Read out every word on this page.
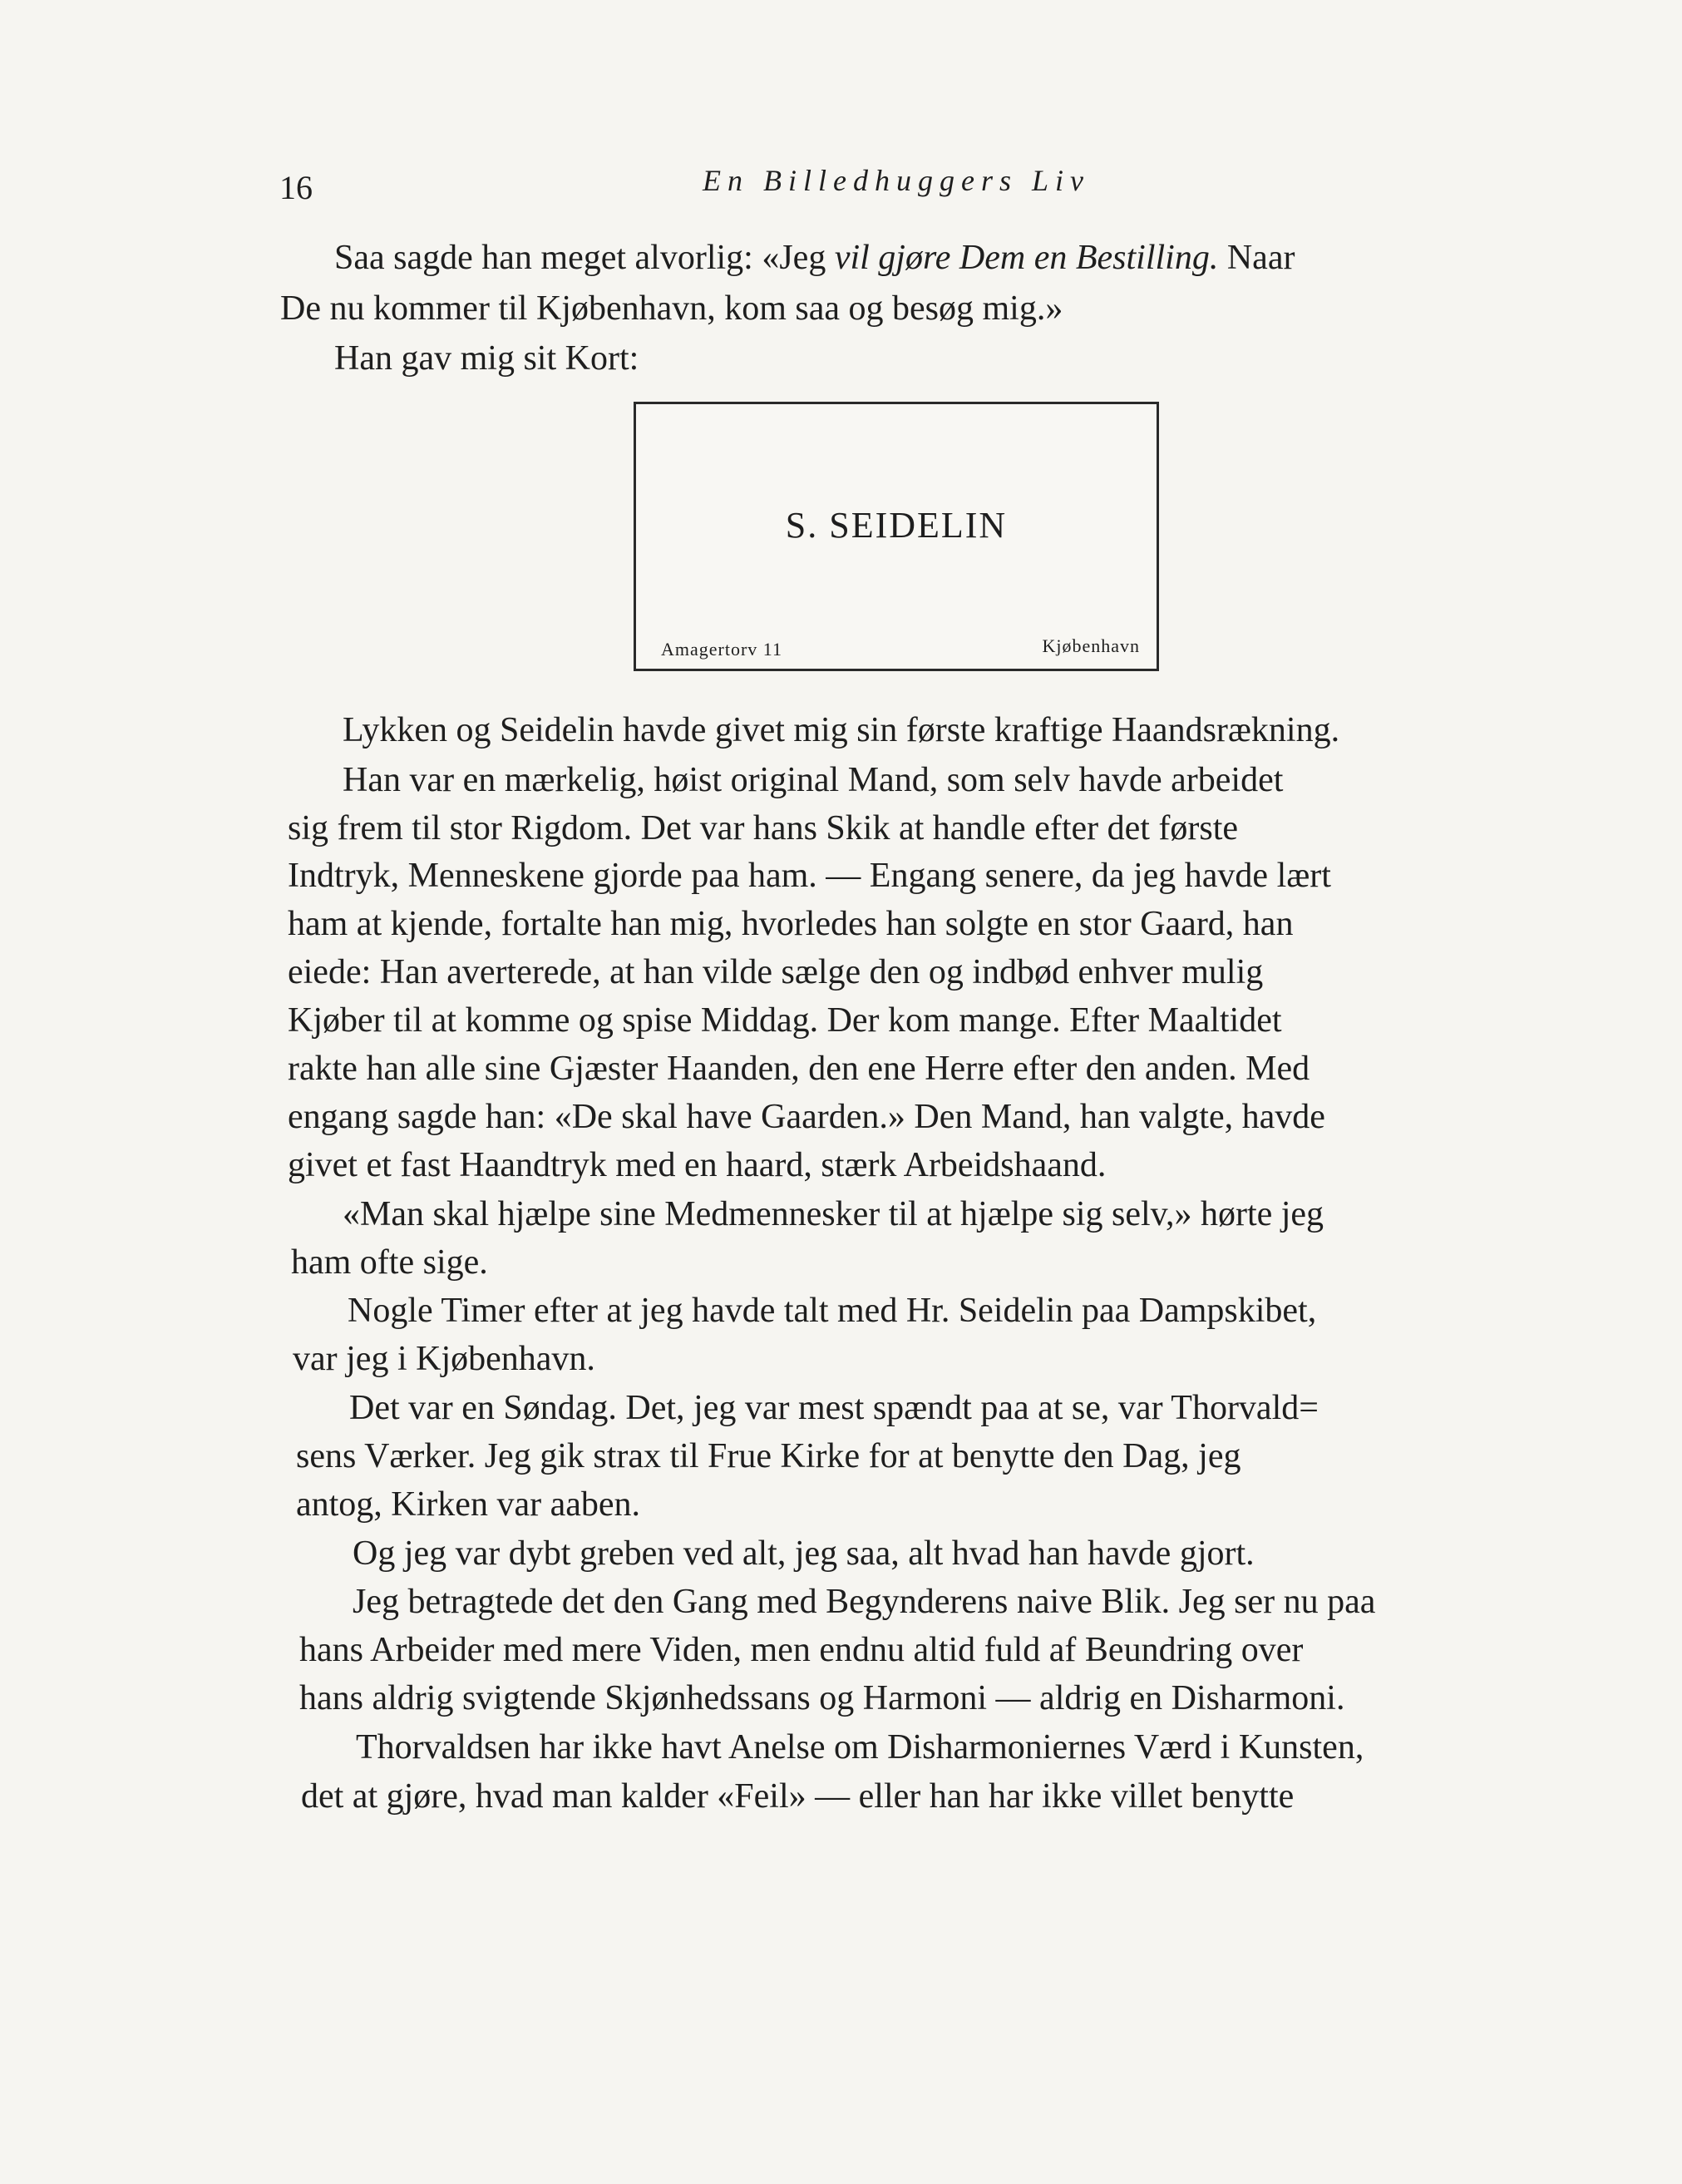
16	En Billedhuggers Liv
Saa sagde han meget alvorlig: «Jeg vil gjøre Dem en Bestilling. Naar
De nu kommer til Kjøbenhavn, kom saa og besøg mig.»
Han gav mig sit Kort:
S. SEIDELIN
Amagertorv 11	Kjøbenhavn
Lykken og Seidelin havde givet mig sin første kraftige Haandsrækning.
Han var en mærkelig, høist original Mand, som selv havde arbeidet
sig frem til stor Rigdom. Det var hans Skik at handle efter det første
Indtryk, Menneskene gjorde paa ham. — Engang senere, da jeg havde lært
ham at kjende, fortalte han mig, hvorledes han solgte en stor Gaard, han
eiede: Han averterede, at han vilde sælge den og indbød enhver mulig
Kjøber til at komme og spise Middag. Der kom mange. Efter Maaltidet
rakte han alle sine Gjæster Haanden, den ene Herre efter den anden. Med
engang sagde han: «De skal have Gaarden.» Den Mand, han valgte, havde
givet et fast Haandtryk med en haard, stærk Arbeidshaand.
«Man skal hjælpe sine Medmennesker til at hjælpe sig selv,» hørte jeg
ham ofte sige.
Nogle Timer efter at jeg havde talt med Hr. Seidelin paa Dampskibet,
var jeg i Kjøbenhavn.
Det var en Søndag. Det, jeg var mest spændt paa at se, var Thorvald=
sens Værker. Jeg gik strax til Frue Kirke for at benytte den Dag, jeg
antog, Kirken var aaben.
Og jeg var dybt greben ved alt, jeg saa, alt hvad han havde gjort.
Jeg betragtede det den Gang med Begynderens naive Blik. Jeg ser nu paa
hans Arbeider med mere Viden, men endnu altid fuld af Beundring over
hans aldrig svigtende Skjønhedssans og Harmoni — aldrig en Disharmoni.
Thorvaldsen har ikke havt Anelse om Disharmoniernes Værd i Kunsten,
det at gjøre, hvad man kalder «Feil» — eller han har ikke villet benytte
